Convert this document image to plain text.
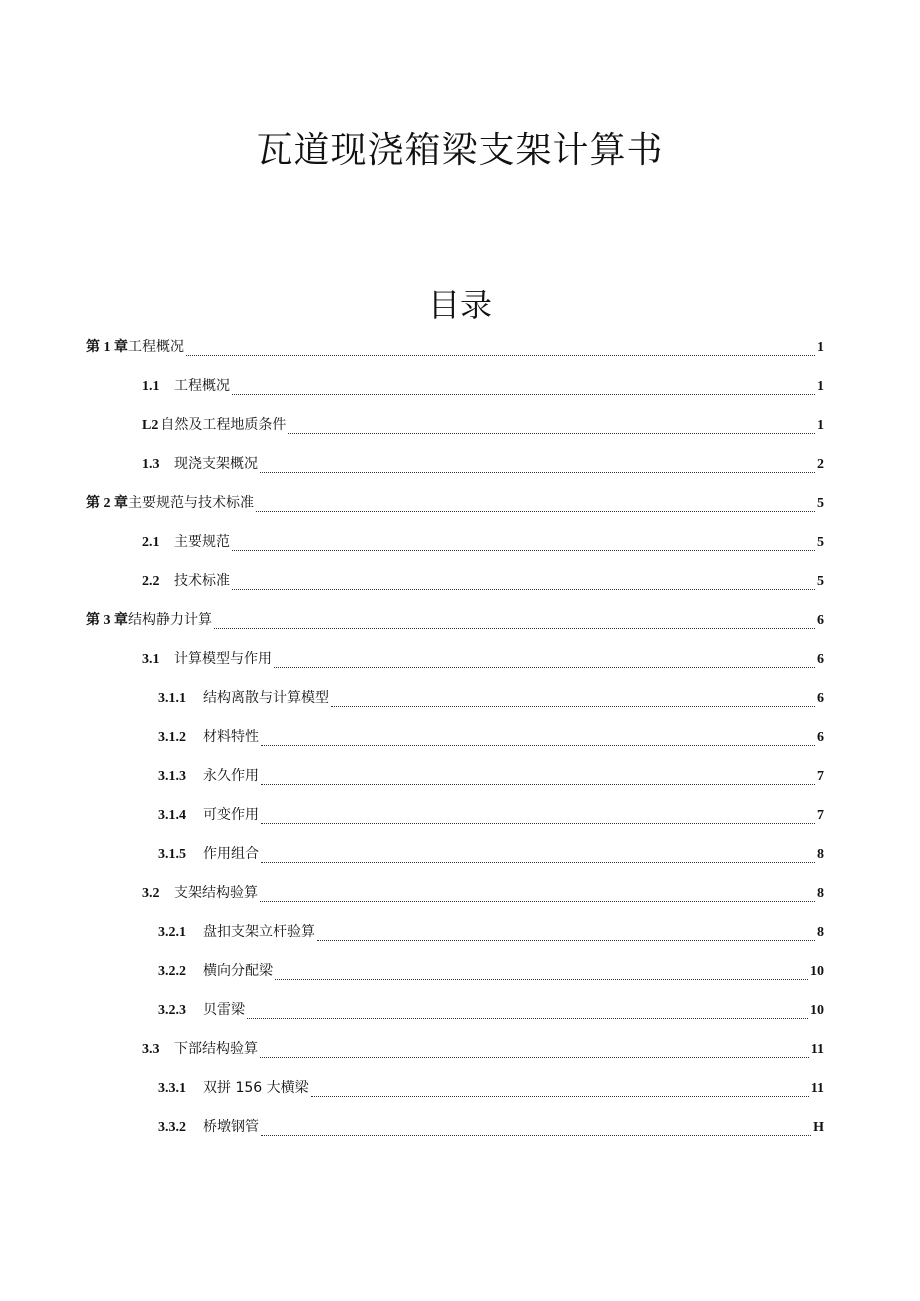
瓦道现浇箱梁支架计算书
目录
第 1 章 工程概况	1
1.1	工程概况	1
L2 自然及工程地质条件	1
1.3	现浇支架概况	2
第 2 章 主要规范与技术标准	5
2.1	主要规范	5
2.2	技术标准	5
第 3 章 结构静力计算	6
3.1	计算模型与作用	6
3.1.1	结构离散与计算模型	6
3.1.2	材料特性	6
3.1.3	永久作用	7
3.1.4	可变作用	7
3.1.5	作用组合	8
3.2	支架结构验算	8
3.2.1	盘扣支架立杆验算	8
3.2.2	横向分配梁	10
3.2.3	贝雷梁	10
3.3	下部结构验算	11
3.3.1	双拼 156 大横梁	11
3.3.2	桥墩钢管	H
